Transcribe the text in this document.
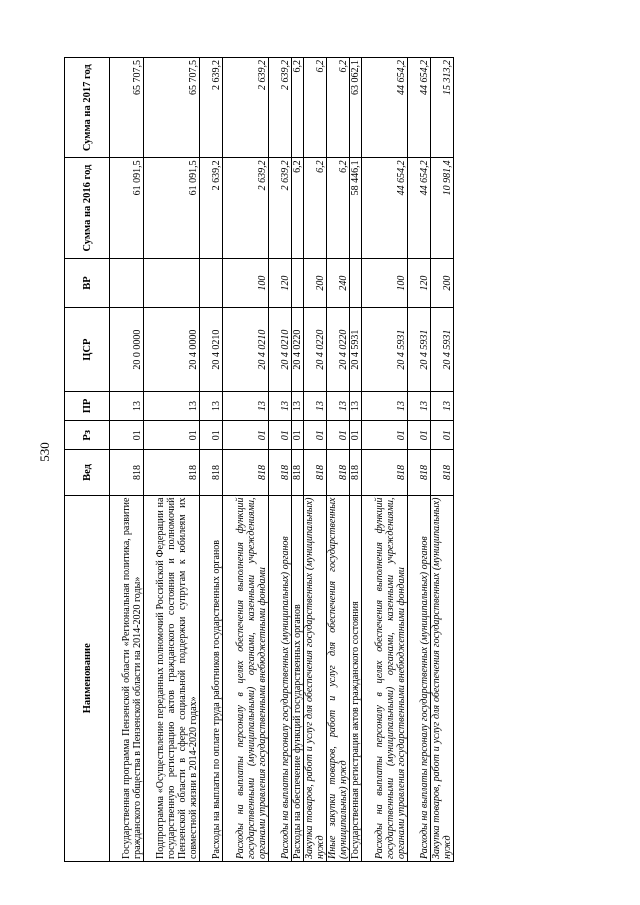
530
Наименование	Вед	Рз	ПР	ЦСР	ВР	Сумма на 2016 год	Сумма на 2017 год
Государственная программа Пензенской области «Региональная политика, развитие гражданского общества в Пензенской области на 2014-2020 годы»	818	01	13	20 0 0000		61 091,5	65 707,5
Подпрограмма «Осуществление переданных полномочий Российской Федерации на государственную регистрацию актов гражданского состояния и полномочий Пензенской области в сфере социальной поддержки супругам к юбилеям их совместной жизни в 2014-2020 годах»	818	01	13	20 4 0000		61 091,5	65 707,5
Расходы на выплаты по оплате труда работников государственных органов	818	01	13	20 4 0210		2 639,2	2 639,2
Расходы на выплаты персоналу в целях обеспечения выполнения функций государственными (муниципальными) органами, казенными учреждениями, органами управления государственными внебюджетными фондами	818	01	13	20 4 0210	100	2 639,2	2 639,2
Расходы на выплаты персоналу государственных (муниципальных) органов	818	01	13	20 4 0210	120	2 639,2	2 639,2
Расходы на обеспечение функций государственных органов	818	01	13	20 4 0220		6,2	6,2
Закупка товаров, работ и услуг для обеспечения государственных (муниципальных) нужд	818	01	13	20 4 0220	200	6,2	6,2
Иные закупки товаров, работ и услуг для обеспечения государственных (муниципальных) нужд	818	01	13	20 4 0220	240	6,2	6,2
Государственная регистрация актов гражданского состояния	818	01	13	20 4 5931		58 446,1	63 062,1
Расходы на выплаты персоналу в целях обеспечения выполнения функций государственными (муниципальными) органами, казенными учреждениями, органами управления государственными внебюджетными фондами	818	01	13	20 4 5931	100	44 654,2	44 654,2
Расходы на выплаты персоналу государственных (муниципальных) органов	818	01	13	20 4 5931	120	44 654,2	44 654,2
Закупка товаров, работ и услуг для обеспечения государственных (муниципальных) нужд	818	01	13	20 4 5931	200	10 981,4	15 313,2
